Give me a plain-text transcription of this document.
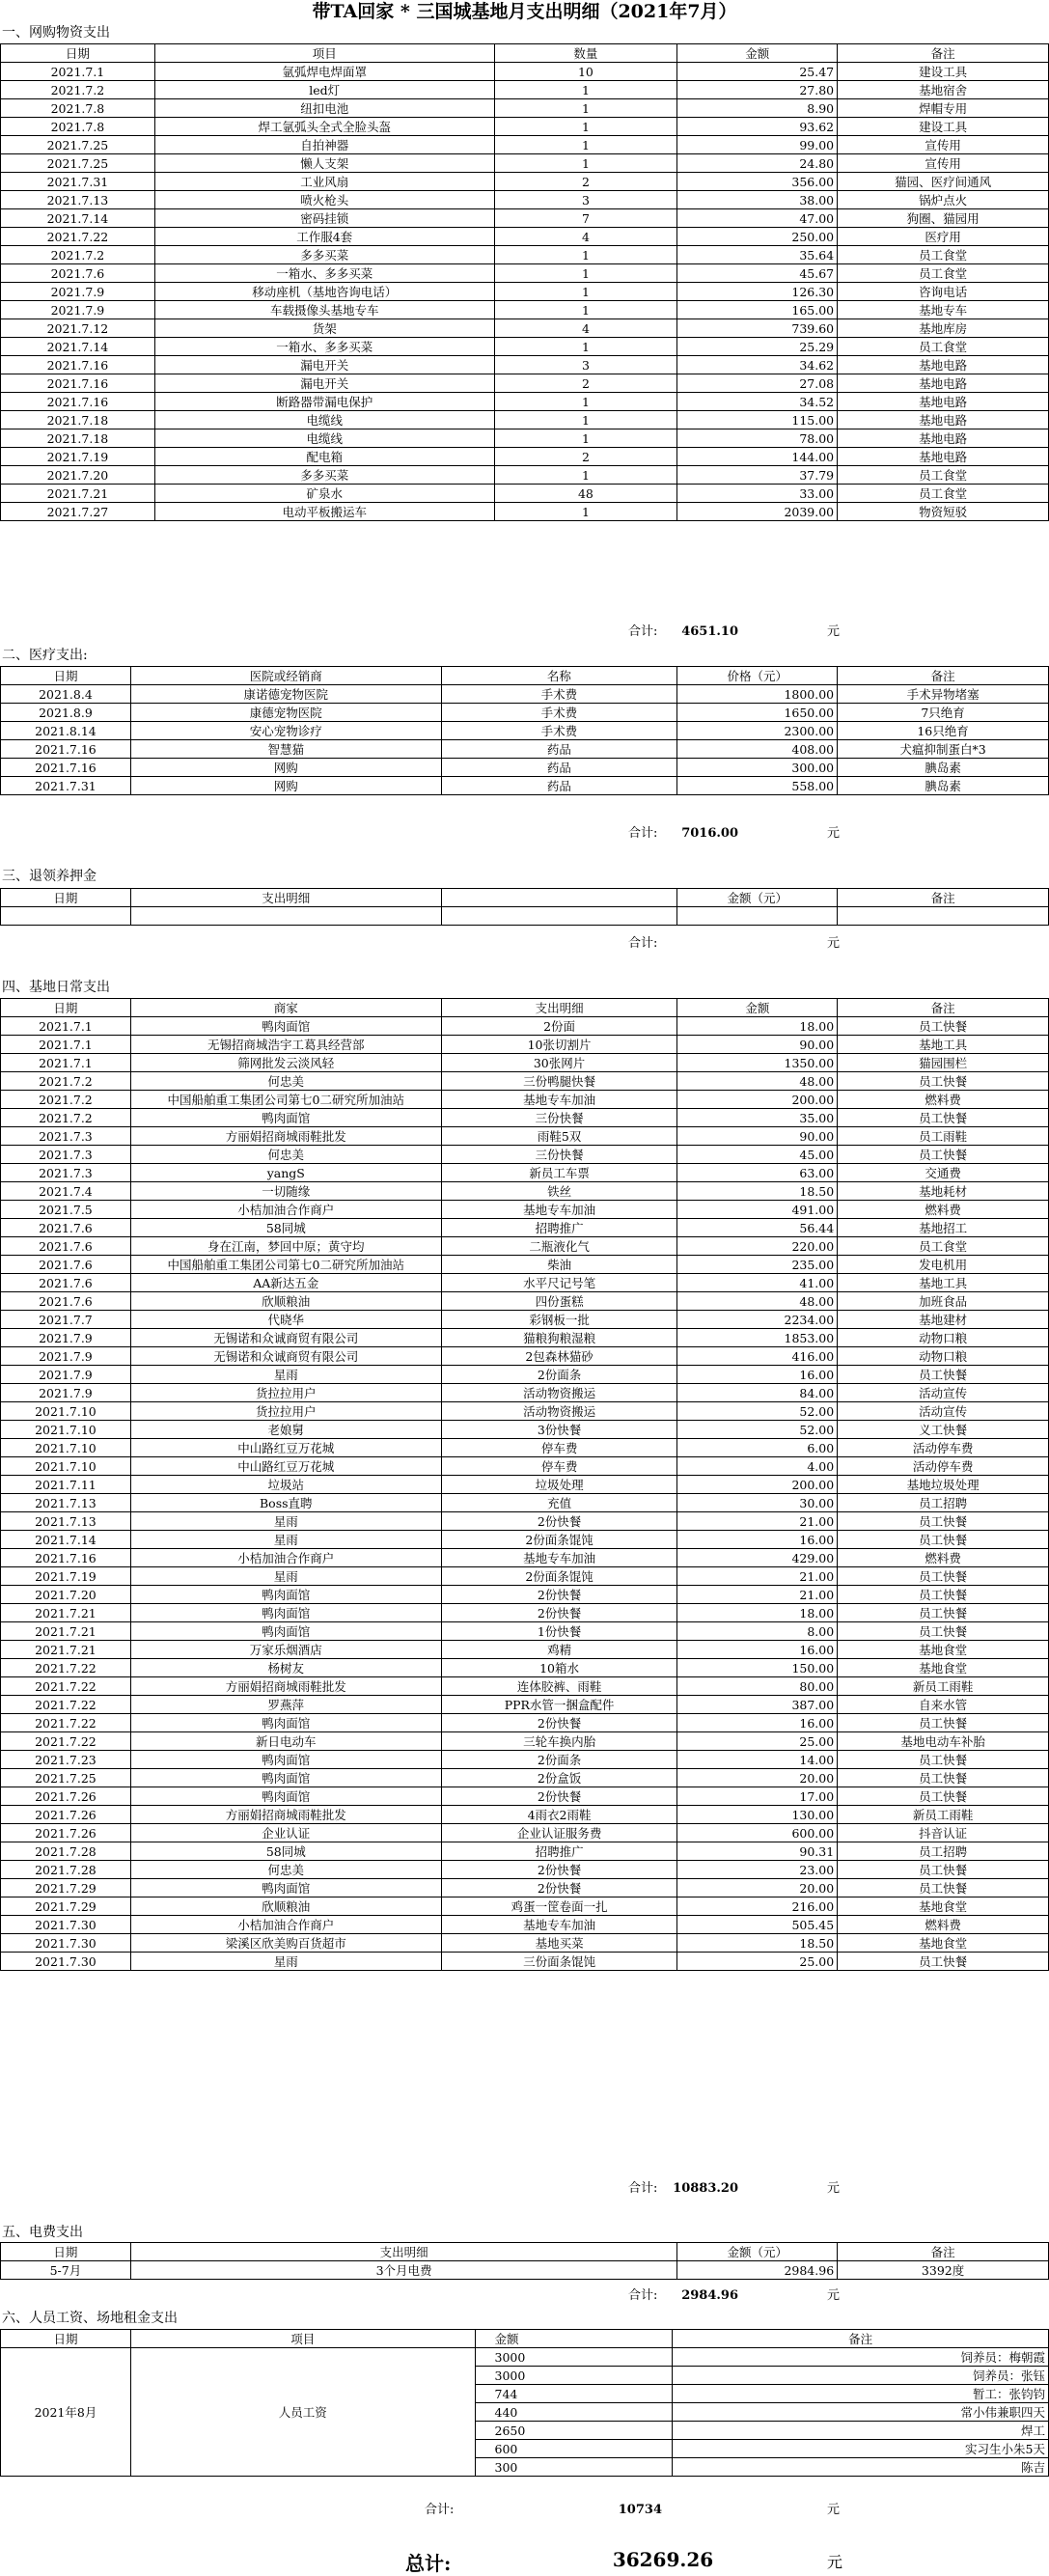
带TA回家 * 三国城基地月支出明细（2021年7月）
一、网购物资支出
日期	项目	数量	金额	备注
2021.7.1	氩弧焊电焊面罩	10	25.47	建设工具
2021.7.2	led灯	1	27.80	基地宿舍
2021.7.8	纽扣电池	1	8.90	焊帽专用
2021.7.8	焊工氩弧头全式全脸头盔	1	93.62	建设工具
2021.7.25	自拍神器	1	99.00	宣传用
2021.7.25	懒人支架	1	24.80	宣传用
2021.7.31	工业风扇	2	356.00	猫园、医疗间通风
2021.7.13	喷火枪头	3	38.00	锅炉点火
2021.7.14	密码挂锁	7	47.00	狗圈、猫园用
2021.7.22	工作服4套	4	250.00	医疗用
2021.7.2	多多买菜	1	35.64	员工食堂
2021.7.6	一箱水、多多买菜	1	45.67	员工食堂
2021.7.9	移动座机（基地咨询电话）	1	126.30	咨询电话
2021.7.9	车载摄像头基地专车	1	165.00	基地专车
2021.7.12	货架	4	739.60	基地库房
2021.7.14	一箱水、多多买菜	1	25.29	员工食堂
2021.7.16	漏电开关	3	34.62	基地电路
2021.7.16	漏电开关	2	27.08	基地电路
2021.7.16	断路器带漏电保护	1	34.52	基地电路
2021.7.18	电缆线	1	115.00	基地电路
2021.7.18	电缆线	1	78.00	基地电路
2021.7.19	配电箱	2	144.00	基地电路
2021.7.20	多多买菜	1	37.79	员工食堂
2021.7.21	矿泉水	48	33.00	员工食堂
2021.7.27	电动平板搬运车	1	2039.00	物资短驳
合计:	4651.10	元
二、医疗支出:
日期	医院或经销商	名称	价格（元）	备注
2021.8.4	康诺德宠物医院	手术费	1800.00	手术异物堵塞
2021.8.9	康德宠物医院	手术费	1650.00	7只绝育
2021.8.14	安心宠物诊疗	手术费	2300.00	16只绝育
2021.7.16	智慧猫	药品	408.00	犬瘟抑制蛋白*3
2021.7.16	网购	药品	300.00	腆岛素
2021.7.31	网购	药品	558.00	腆岛素
合计:	7016.00	元
三、退领养押金
日期	支出明细		金额（元）	备注

合计:	元
四、基地日常支出
日期	商家	支出明细	金额	备注
2021.7.1	鸭肉面馆	2份面	18.00	员工快餐
2021.7.1	无锡招商城浩宇工葛具经营部	10张切割片	90.00	基地工具
2021.7.1	筛网批发云淡风轻	30张网片	1350.00	猫园围栏
2021.7.2	何忠美	三份鸭腿快餐	48.00	员工快餐
2021.7.2	中国船舶重工集团公司第七0二研究所加油站	基地专车加油	200.00	燃料费
2021.7.2	鸭肉面馆	三份快餐	35.00	员工快餐
2021.7.3	方丽娟招商城雨鞋批发	雨鞋5双	90.00	员工雨鞋
2021.7.3	何忠美	三份快餐	45.00	员工快餐
2021.7.3	yangS	新员工车票	63.00	交通费
2021.7.4	一切随缘	铁丝	18.50	基地耗材
2021.7.5	小桔加油合作商户	基地专车加油	491.00	燃料费
2021.7.6	58同城	招聘推广	56.44	基地招工
2021.7.6	身在江南，梦回中原；黄守均	二瓶液化气	220.00	员工食堂
2021.7.6	中国船舶重工集团公司第七0二研究所加油站	柴油	235.00	发电机用
2021.7.6	AA新达五金	水平尺记号笔	41.00	基地工具
2021.7.6	欣顺粮油	四份蛋糕	48.00	加班食品
2021.7.7	代晓华	彩钢板一批	2234.00	基地建材
2021.7.9	无锡诺和众诚商贸有限公司	猫粮狗粮湿粮	1853.00	动物口粮
2021.7.9	无锡诺和众诚商贸有限公司	2包森林猫砂	416.00	动物口粮
2021.7.9	星雨	2份面条	16.00	员工快餐
2021.7.9	货拉拉用户	活动物资搬运	84.00	活动宣传
2021.7.10	货拉拉用户	活动物资搬运	52.00	活动宣传
2021.7.10	老娘舅	3份快餐	52.00	义工快餐
2021.7.10	中山路红豆万花城	停车费	6.00	活动停车费
2021.7.10	中山路红豆万花城	停车费	4.00	活动停车费
2021.7.11	垃圾站	垃圾处理	200.00	基地垃圾处理
2021.7.13	Boss直聘	充值	30.00	员工招聘
2021.7.13	星雨	2份快餐	21.00	员工快餐
2021.7.14	星雨	2份面条馄饨	16.00	员工快餐
2021.7.16	小桔加油合作商户	基地专车加油	429.00	燃料费
2021.7.19	星雨	2份面条馄饨	21.00	员工快餐
2021.7.20	鸭肉面馆	2份快餐	21.00	员工快餐
2021.7.21	鸭肉面馆	2份快餐	18.00	员工快餐
2021.7.21	鸭肉面馆	1份快餐	8.00	员工快餐
2021.7.21	万家乐烟酒店	鸡精	16.00	基地食堂
2021.7.22	杨树友	10箱水	150.00	基地食堂
2021.7.22	方丽娟招商城雨鞋批发	连体胶裤、雨鞋	80.00	新员工雨鞋
2021.7.22	罗燕萍	PPR水管一捆盒配件	387.00	自来水管
2021.7.22	鸭肉面馆	2份快餐	16.00	员工快餐
2021.7.22	新日电动车	三轮车换内胎	25.00	基地电动车补胎
2021.7.23	鸭肉面馆	2份面条	14.00	员工快餐
2021.7.25	鸭肉面馆	2份盒饭	20.00	员工快餐
2021.7.26	鸭肉面馆	2份快餐	17.00	员工快餐
2021.7.26	方丽娟招商城雨鞋批发	4雨衣2雨鞋	130.00	新员工雨鞋
2021.7.26	企业认证	企业认证服务费	600.00	抖音认证
2021.7.28	58同城	招聘推广	90.31	员工招聘
2021.7.28	何忠美	2份快餐	23.00	员工快餐
2021.7.29	鸭肉面馆	2份快餐	20.00	员工快餐
2021.7.29	欣顺粮油	鸡蛋一筐卷面一扎	216.00	基地食堂
2021.7.30	小桔加油合作商户	基地专车加油	505.45	燃料费
2021.7.30	梁溪区欣美购百货超市	基地买菜	18.50	基地食堂
2021.7.30	星雨	三份面条馄饨	25.00	员工快餐
合计:	10883.20	元
五、电费支出
日期	支出明细	金额（元）	备注
5-7月	3个月电费	2984.96	3392度
合计:	2984.96	元
六、人员工资、场地租金支出
日期	项目	金额	备注
2021年8月	人员工资	3000	饲养员：梅朝霞
		3000	饲养员：张钰
		744	暂工：张钧钧
		440	常小伟兼职四天
		2650	焊工
		600	实习生小朱5天
		300	陈吉
合计:	10734	元
总计:	36269.26	元
